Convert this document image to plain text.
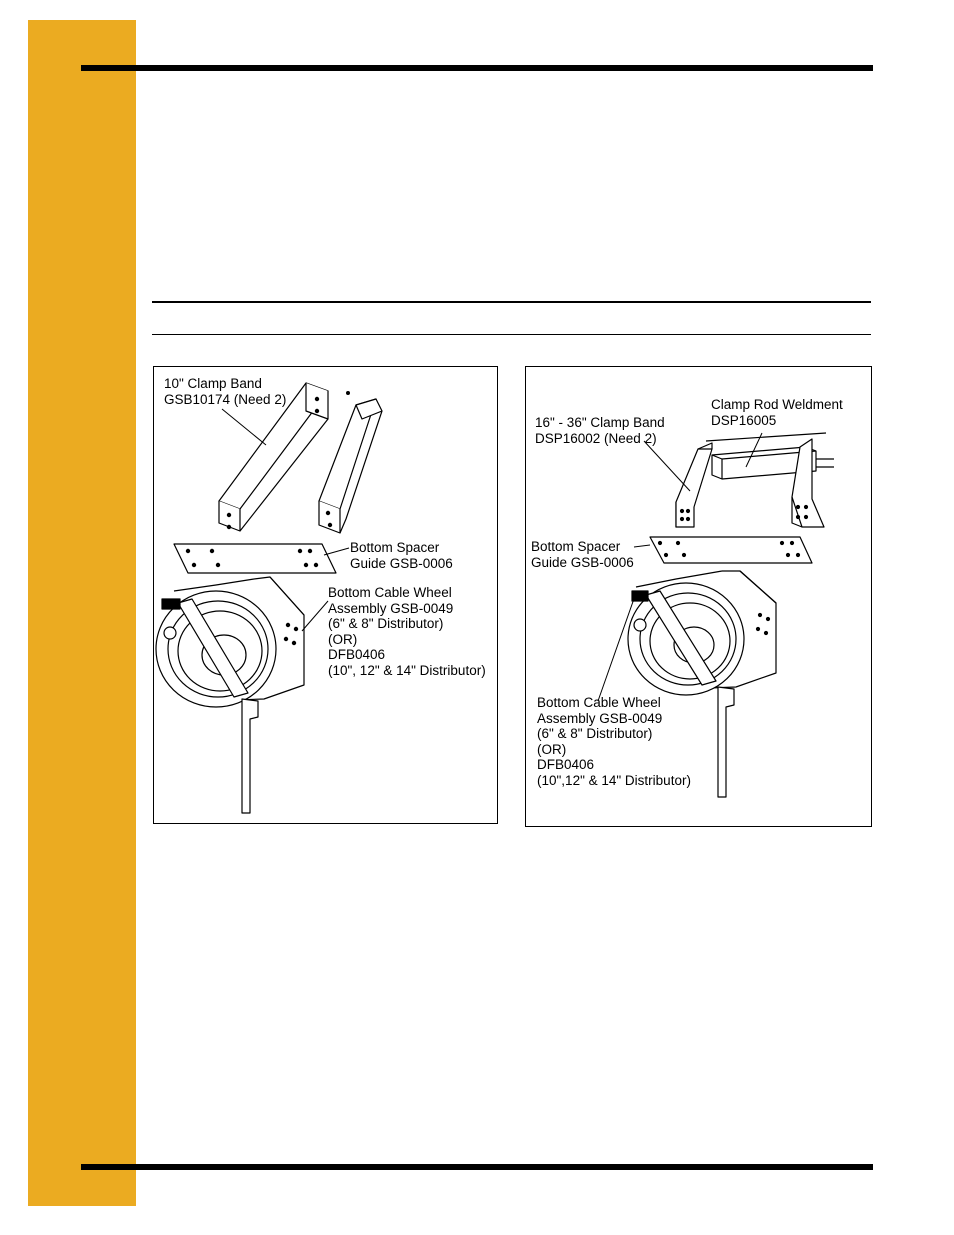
10" Clamp Band
GSB10174 (Need 2)
Bottom Spacer
Guide GSB-0006
Bottom Cable Wheel
Assembly GSB-0049
(6" & 8" Distributor)
(OR)
DFB0406
(10", 12" & 14" Distributor)
Clamp Rod Weldment
DSP16005
16" - 36" Clamp Band
DSP16002 (Need 2)
Bottom Spacer
Guide GSB-0006
Bottom Cable Wheel
Assembly GSB-0049
(6" & 8" Distributor)
(OR)
DFB0406
(10",12" & 14" Distributor)
